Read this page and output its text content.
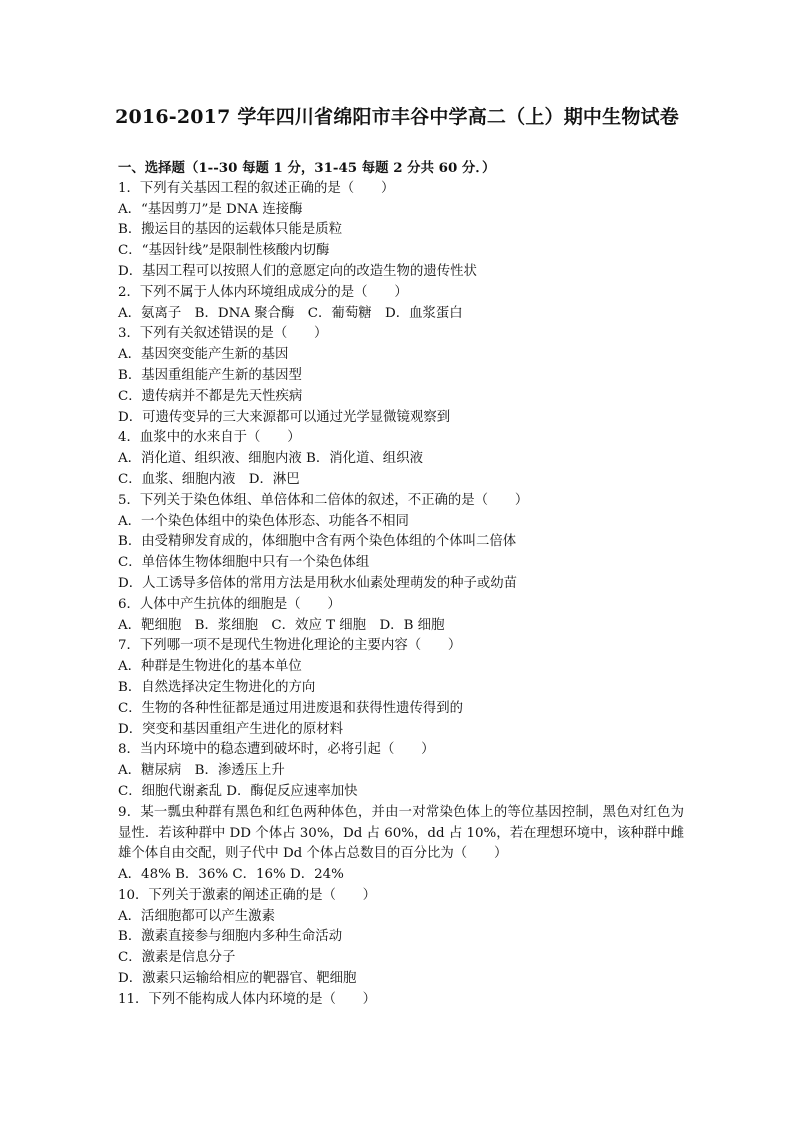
2016-2017 学年四川省绵阳市丰谷中学高二（上）期中生物试卷
一、选择题（1--30 每题 1 分，31-45 每题 2 分共 60 分．）
1．下列有关基因工程的叙述正确的是（　　）
A．“基因剪刀”是 DNA 连接酶
B．搬运目的基因的运载体只能是质粒
C．“基因针线”是限制性核酸内切酶
D．基因工程可以按照人们的意愿定向的改造生物的遗传性状
2．下列不属于人体内环境组成成分的是（　　）
A．氨离子　B．DNA 聚合酶　C．葡萄糖　D．血浆蛋白
3．下列有关叙述错误的是（　　）
A．基因突变能产生新的基因
B．基因重组能产生新的基因型
C．遗传病并不都是先天性疾病
D．可遗传变异的三大来源都可以通过光学显微镜观察到
4．血浆中的水来自于（　　）
A．消化道、组织液、细胞内液 B．消化道、组织液
C．血浆、细胞内液　D．淋巴
5．下列关于染色体组、单倍体和二倍体的叙述，不正确的是（　　）
A．一个染色体组中的染色体形态、功能各不相同
B．由受精卵发育成的，体细胞中含有两个染色体组的个体叫二倍体
C．单倍体生物体细胞中只有一个染色体组
D．人工诱导多倍体的常用方法是用秋水仙素处理萌发的种子或幼苗
6．人体中产生抗体的细胞是（　　）
A．靶细胞　B．浆细胞　C．效应 T 细胞　D．B 细胞
7．下列哪一项不是现代生物进化理论的主要内容（　　）
A．种群是生物进化的基本单位
B．自然选择决定生物进化的方向
C．生物的各种性征都是通过用进废退和获得性遗传得到的
D．突变和基因重组产生进化的原材料
8．当内环境中的稳态遭到破坏时，必将引起（　　）
A．糖尿病　B．渗透压上升
C．细胞代谢紊乱 D．酶促反应速率加快
9．某一瓢虫种群有黑色和红色两种体色，并由一对常染色体上的等位基因控制，黑色对红色为显性．若该种群中 DD 个体占 30%，Dd 占 60%，dd 占 10%，若在理想环境中，该种群中雌雄个体自由交配，则子代中 Dd 个体占总数目的百分比为（　　）
A．48% B．36% C．16% D．24%
10．下列关于激素的阐述正确的是（　　）
A．活细胞都可以产生激素
B．激素直接参与细胞内多种生命活动
C．激素是信息分子
D．激素只运输给相应的靶器官、靶细胞
11．下列不能构成人体内环境的是（　　）
